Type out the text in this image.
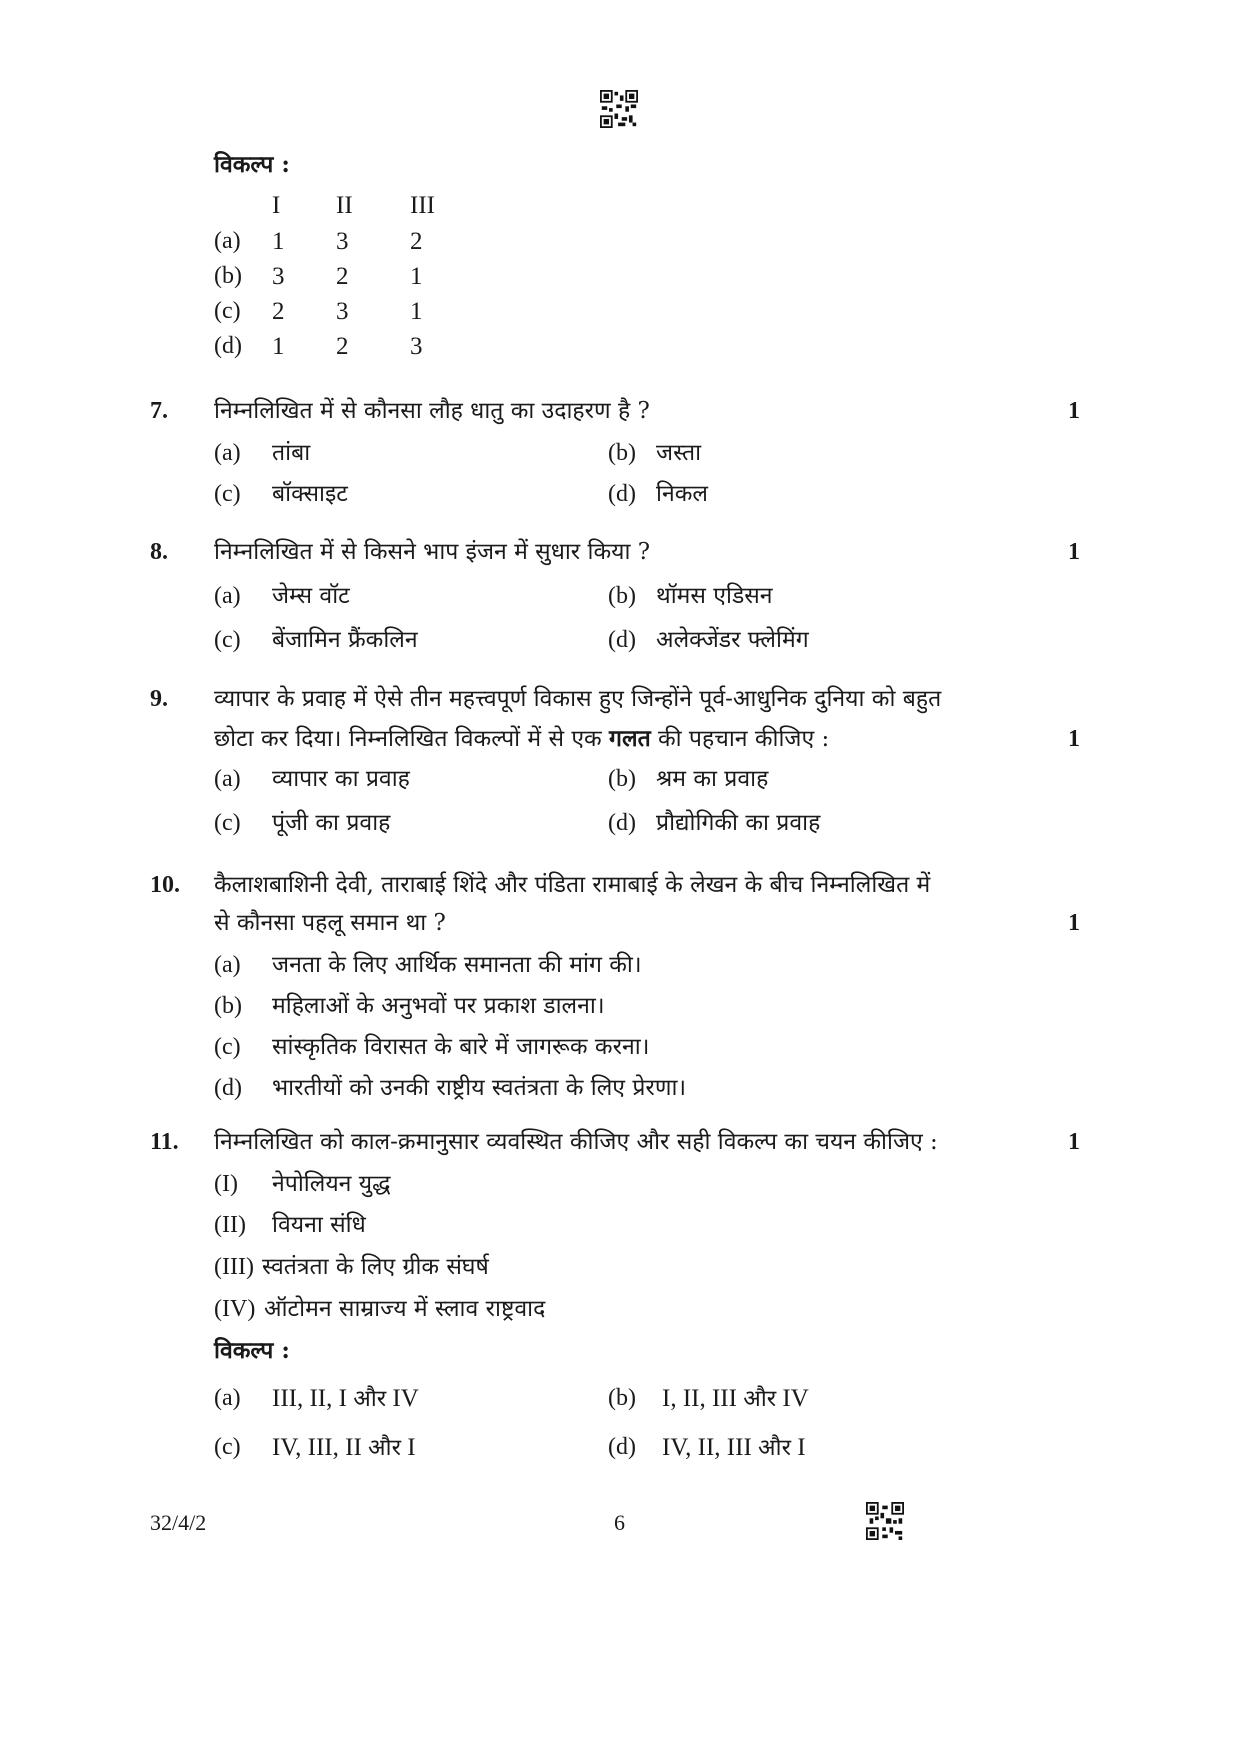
विकल्प :
I II III
(a) 1 3 2
(b) 3 2 1
(c) 2 3 1
(d) 1 2 3
7. निम्नलिखित में से कौनसा लौह धातु का उदाहरण है ?	1
(a) तांबा	(b) जस्ता
(c) बॉक्साइट	(d) निकल
8. निम्नलिखित में से किसने भाप इंजन में सुधार किया ?	1
(a) जेम्स वॉट	(b) थॉमस एडिसन
(c) बेंजामिन फ्रैंकलिन	(d) अलेक्जेंडर फ्लेमिंग
9. व्यापार के प्रवाह में ऐसे तीन महत्त्वपूर्ण विकास हुए जिन्होंने पूर्व-आधुनिक दुनिया को बहुत
छोटा कर दिया। निम्नलिखित विकल्पों में से एक गलत की पहचान कीजिए :	1
(a) व्यापार का प्रवाह	(b) श्रम का प्रवाह
(c) पूंजी का प्रवाह	(d) प्रौद्योगिकी का प्रवाह
10. कैलाशबाशिनी देवी, ताराबाई शिंदे और पंडिता रामाबाई के लेखन के बीच निम्नलिखित में
से कौनसा पहलू समान था ?	1
(a) जनता के लिए आर्थिक समानता की मांग की।
(b) महिलाओं के अनुभवों पर प्रकाश डालना।
(c) सांस्कृतिक विरासत के बारे में जागरूक करना।
(d) भारतीयों को उनकी राष्ट्रीय स्वतंत्रता के लिए प्रेरणा।
11. निम्नलिखित को काल-क्रमानुसार व्यवस्थित कीजिए और सही विकल्प का चयन कीजिए :	1
(I) नेपोलियन युद्ध
(II) वियना संधि
(III) स्वतंत्रता के लिए ग्रीक संघर्ष
(IV) ऑटोमन साम्राज्य में स्लाव राष्ट्रवाद
विकल्प :
(a) III, II, I और IV	(b) I, II, III और IV
(c) IV, III, II और I	(d) IV, II, III और I
32/4/2	6
